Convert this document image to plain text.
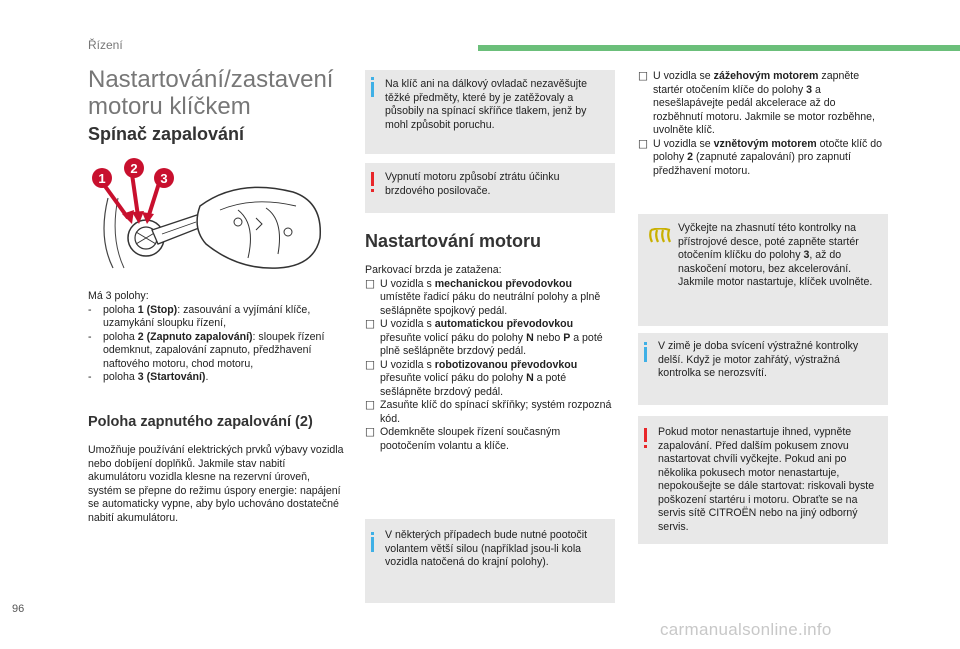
Řízení
Nastartování/zastavení motoru klíčkem
Spínač zapalování
1
2
3
Má 3 polohy:
- poloha 1 (Stop): zasouvání a vyjímání klíče, uzamykání sloupku řízení,
- poloha 2 (Zapnuto zapalování): sloupek řízení odemknut, zapalování zapnuto, předžhavení naftového motoru, chod motoru,
- poloha 3 (Startování).
Poloha zapnutého zapalování (2)
Umožňuje používání elektrických prvků výbavy vozidla nebo dobíjení doplňků. Jakmile stav nabití akumulátoru vozidla klesne na rezervní úroveň, systém se přepne do režimu úspory energie: napájení se automaticky vypne, aby bylo uchováno dostatečné nabití akumulátoru.
Na klíč ani na dálkový ovladač nezavěšujte těžké předměty, které by je zatěžovaly a působily na spínací skříňce tlakem, jenž by mohl způsobit poruchu.
Vypnutí motoru způsobí ztrátu účinku brzdového posilovače.
Nastartování motoru
Parkovací brzda je zatažena:
□ U vozidla s mechanickou převodovkou umístěte řadicí páku do neutrální polohy a plně sešlápněte spojkový pedál.
□ U vozidla s automatickou převodovkou přesuňte volicí páku do polohy N nebo P a poté plně sešlápněte brzdový pedál.
□ U vozidla s robotizovanou převodovkou přesuňte volicí páku do polohy N a poté sešlápněte brzdový pedál.
□ Zasuňte klíč do spínací skříňky; systém rozpozná kód.
□ Odemkněte sloupek řízení současným pootočením volantu a klíče.
V některých případech bude nutné pootočit volantem větší silou (například jsou-li kola vozidla natočená do krajní polohy).
□ U vozidla se zážehovým motorem zapněte startér otočením klíče do polohy 3 a nesešlapávejte pedál akcelerace až do rozběhnutí motoru. Jakmile se motor rozběhne, uvolněte klíč.
□ U vozidla se vznětovým motorem otočte klíč do polohy 2 (zapnuté zapalování) pro zapnutí předžhavení motoru.
Vyčkejte na zhasnutí této kontrolky na přístrojové desce, poté zapněte startér otočením klíčku do polohy 3, až do naskočení motoru, bez akcelerování. Jakmile motor nastartuje, klíček uvolněte.
V zimě je doba svícení výstražné kontrolky delší. Když je motor zahřátý, výstražná kontrolka se nerozsvítí.
Pokud motor nenastartuje ihned, vypněte zapalování. Před dalším pokusem znovu nastartovat chvíli vyčkejte. Pokud ani po několika pokusech motor nenastartuje, nepokoušejte se dále startovat: riskovali byste poškození startéru i motoru. Obraťte se na servis sítě CITROËN nebo na jiný odborný servis.
96
carmanualsonline.info
